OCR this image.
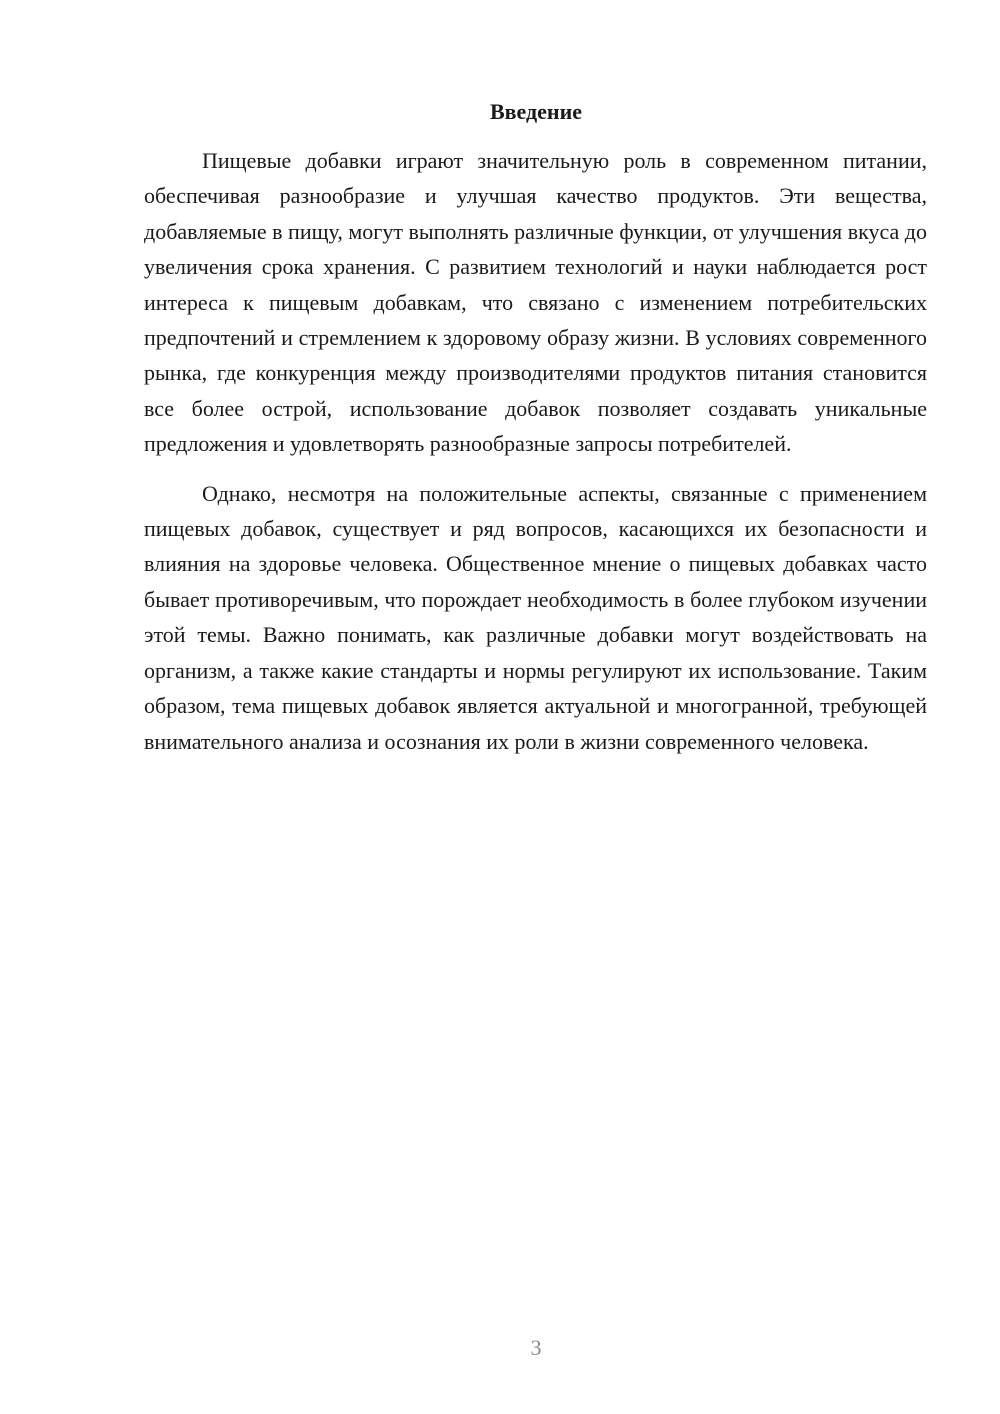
Введение

Пищевые добавки играют значительную роль в современном питании, обеспечивая разнообразие и улучшая качество продуктов. Эти вещества, добавляемые в пищу, могут выполнять различные функции, от улучшения вкуса до увеличения срока хранения. С развитием технологий и науки наблюдается рост интереса к пищевым добавкам, что связано с изменением потребительских предпочтений и стремлением к здоровому образу жизни. В условиях современного рынка, где конкуренция между производителями продуктов питания становится все более острой, использование добавок позволяет создавать уникальные предложения и удовлетворять разнообразные запросы потребителей.

Однако, несмотря на положительные аспекты, связанные с применением пищевых добавок, существует и ряд вопросов, касающихся их безопасности и влияния на здоровье человека. Общественное мнение о пищевых добавках часто бывает противоречивым, что порождает необходимость в более глубоком изучении этой темы. Важно понимать, как различные добавки могут воздействовать на организм, а также какие стандарты и нормы регулируют их использование. Таким образом, тема пищевых добавок является актуальной и многогранной, требующей внимательного анализа и осознания их роли в жизни современного человека.

3
